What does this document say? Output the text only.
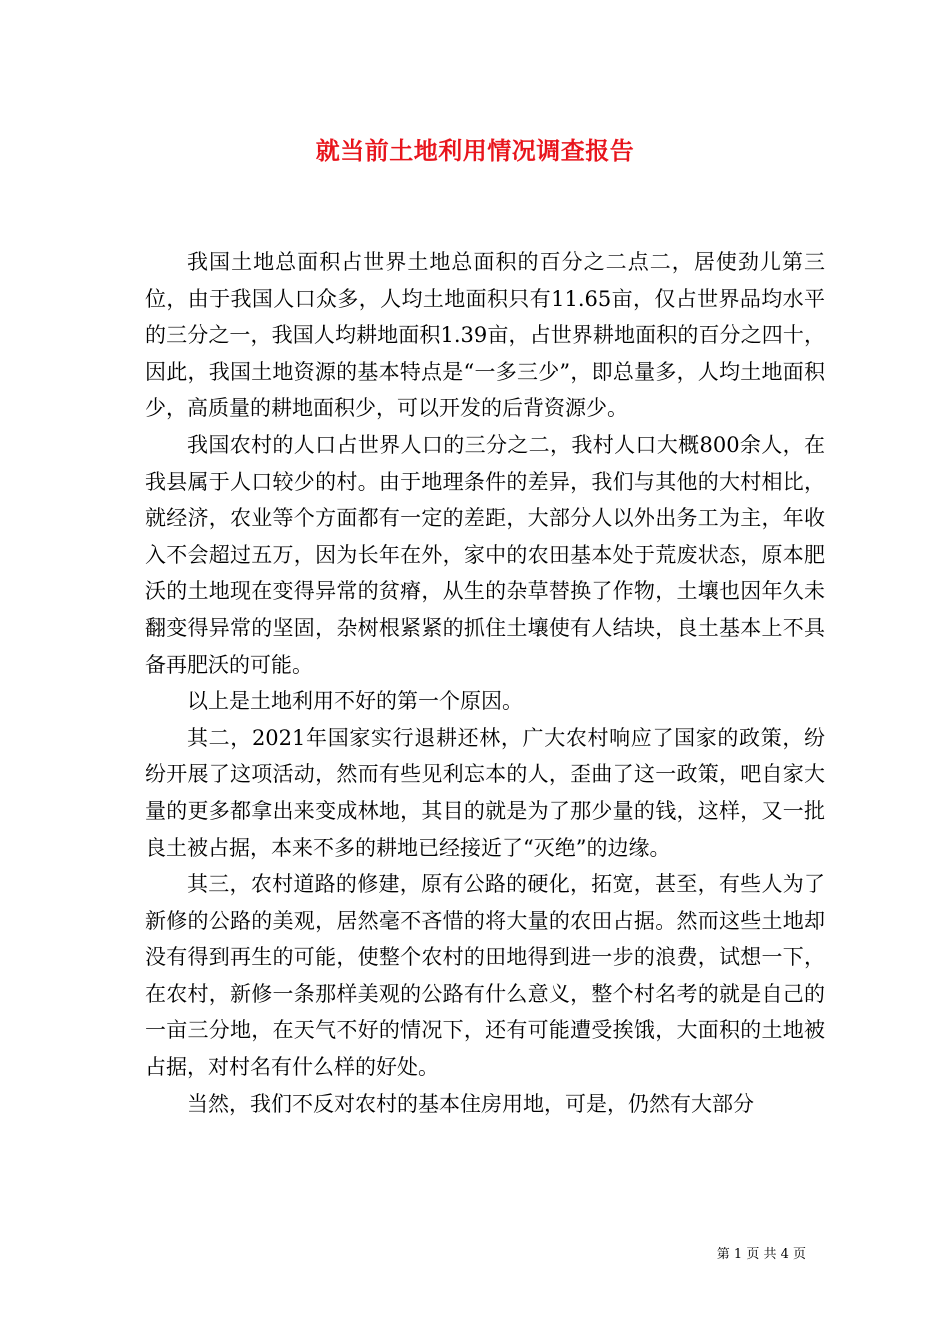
就当前土地利用情况调查报告

我国土地总面积占世界土地总面积的百分之二点二，居使劲儿第三位，由于我国人口众多，人均土地面积只有11.65亩，仅占世界品均水平的三分之一，我国人均耕地面积1.39亩，占世界耕地面积的百分之四十，因此，我国土地资源的基本特点是“一多三少”，即总量多，人均土地面积少，高质量的耕地面积少，可以开发的后背资源少。

我国农村的人口占世界人口的三分之二，我村人口大概800余人，在我县属于人口较少的村。由于地理条件的差异，我们与其他的大村相比，就经济，农业等个方面都有一定的差距，大部分人以外出务工为主，年收入不会超过五万，因为长年在外，家中的农田基本处于荒废状态，原本肥沃的土地现在变得异常的贫瘠，从生的杂草替换了作物，土壤也因年久未翻变得异常的坚固，杂树根紧紧的抓住土壤使有人结块，良土基本上不具备再肥沃的可能。

以上是土地利用不好的第一个原因。

其二，2021年国家实行退耕还林，广大农村响应了国家的政策，纷纷开展了这项活动，然而有些见利忘本的人，歪曲了这一政策，吧自家大量的更多都拿出来变成林地，其目的就是为了那少量的钱，这样，又一批良土被占据，本来不多的耕地已经接近了“灭绝”的边缘。

其三，农村道路的修建，原有公路的硬化，拓宽，甚至，有些人为了新修的公路的美观，居然毫不吝惜的将大量的农田占据。然而这些土地却没有得到再生的可能，使整个农村的田地得到进一步的浪费，试想一下，在农村，新修一条那样美观的公路有什么意义，整个村名考的就是自己的一亩三分地，在天气不好的情况下，还有可能遭受挨饿，大面积的土地被占据，对村名有什么样的好处。

当然，我们不反对农村的基本住房用地，可是，仍然有大部分

第 1 页 共 4 页
